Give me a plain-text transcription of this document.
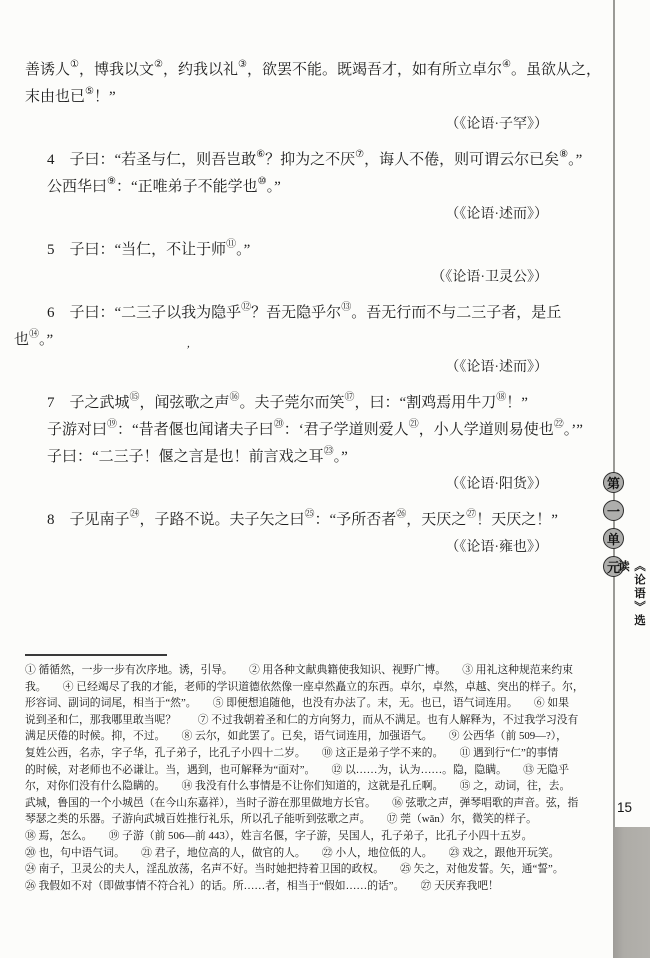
善诱人①，博我以文②，约我以礼③，欲罢不能。既竭吾才，如有所立卓尔④。虽欲从之，
末由也已⑤！”
（《论语·子罕》）
4　子曰：“若圣与仁，则吾岂敢⑥？抑为之不厌⑦，诲人不倦，则可谓云尔已矣⑧。”
公西华曰⑨：“正唯弟子不能学也⑩。”
（《论语·述而》）
5　子曰：“当仁，不让于师⑪。”
（《论语·卫灵公》）
6　子曰：“二三子以我为隐乎⑫？吾无隐乎尔⑬。吾无行而不与二三子者，是丘
也⑭。”
（《论语·述而》）
7　子之武城⑮，闻弦歌之声⑯。夫子莞尔而笑⑰，曰：“割鸡焉用牛刀⑱！”
子游对曰⑲：“昔者偃也闻诸夫子曰⑳：‘君子学道则爱人$^㉑$，小人学道则易使也$^㉒$。’”
子曰：“二三子！偃之言是也！前言戏之耳$^㉓$。”
（《论语·阳货》）
8　子见南子$^㉔$，子路不说。夫子矢之曰$^㉕$：“予所否者$^㉖$，天厌之$^㉗$！天厌之！”
（《论语·雍也》）
ʼ
① 循循然，一步一步有次序地。诱，引导。　　② 用各种文献典籍使我知识、视野广博。　　③ 用礼这种规范来约束
我。　　④ 已经竭尽了我的才能，老师的学识道德依然像一座卓然矗立的东西。卓尔，卓然，卓越、突出的样子。尔，
形容词、副词的词尾，相当于“然”。　　⑤ 即便想追随他，也没有办法了。末，无。也已，语气词连用。　　⑥ 如果
说到圣和仁，那我哪里敢当呢？　　⑦ 不过我朝着圣和仁的方向努力，而从不满足。也有人解释为，不过我学习没有
满足厌倦的时候。抑，不过。　　⑧ 云尔，如此罢了。已矣，语气词连用，加强语气。　　⑨ 公西华（前 509—?），
复姓公西，名赤，字子华，孔子弟子，比孔子小四十二岁。　　⑩ 这正是弟子学不来的。　　⑪ 遇到行“仁”的事情
的时候，对老师也不必谦让。当，遇到，也可解释为“面对”。　　⑫ 以……为，认为……。隐，隐瞒。　　⑬ 无隐乎
尔，对你们没有什么隐瞒的。　　⑭ 我没有什么事情是不让你们知道的，这就是孔丘啊。　　⑮ 之，动词，往，去。
武城，鲁国的一个小城邑（在今山东嘉祥），当时子游在那里做地方长官。　　⑯ 弦歌之声，弹琴唱歌的声音。弦，指
琴瑟之类的乐器。子游向武城百姓推行礼乐，所以孔子能听到弦歌之声。　　⑰ 莞（wǎn）尔，微笑的样子。
⑱ 焉，怎么。　　⑲ 子游（前 506—前 443），姓言名偃，字子游，吴国人，孔子弟子，比孔子小四十五岁。
⑳ 也，句中语气词。　　㉑ 君子，地位高的人，做官的人。　　㉒ 小人，地位低的人。　　㉓ 戏之，跟他开玩笑。
㉔ 南子，卫灵公的夫人，淫乱放荡，名声不好。当时她把持着卫国的政权。　　㉕ 矢之，对他发誓。矢，通“誓”。
㉖ 我假如不对（即做事情不符合礼）的话。所……者，相当于“假如……的话”。　　㉗ 天厌弃我吧！
第
一
单
元	《论语》选读
15
